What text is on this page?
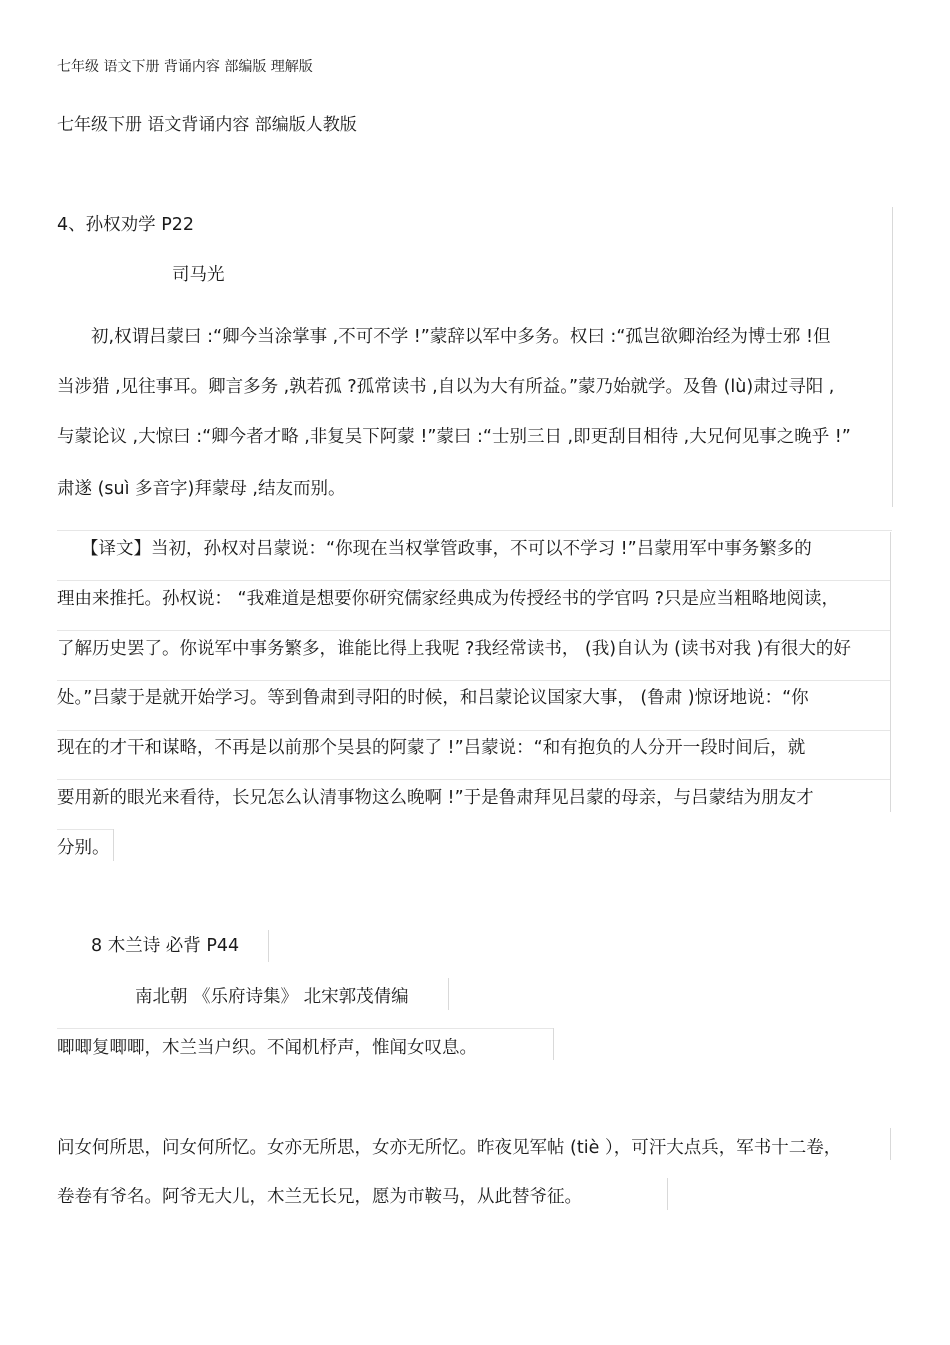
七年级 语文下册 背诵内容 部编版 理解版
七年级下册 语文背诵内容 部编版人教版
4、孙权劝学 P22
司马光
初,权谓吕蒙曰 :“卿今当涂掌事 ,不可不学 !”蒙辞以军中多务。权曰 :“孤岂欲卿治经为博士邪 !但
当涉猎 ,见往事耳。卿言多务 ,孰若孤 ?孤常读书 ,自以为大有所益。”蒙乃始就学。及鲁 (lù)肃过寻阳 ,
与蒙论议 ,大惊曰 :“卿今者才略 ,非复吴下阿蒙 !”蒙曰 :“士别三日 ,即更刮目相待 ,大兄何见事之晚乎 !”
肃遂 (suì 多音字)拜蒙母 ,结友而别。
【译文】当初，孙权对吕蒙说：“你现在当权掌管政事，不可以不学习 !”吕蒙用军中事务繁多的
理由来推托。孙权说： “我难道是想要你研究儒家经典成为传授经书的学官吗 ?只是应当粗略地阅读，
了解历史罢了。你说军中事务繁多，谁能比得上我呢 ?我经常读书， (我)自认为 (读书对我 )有很大的好
处。”吕蒙于是就开始学习。等到鲁肃到寻阳的时候，和吕蒙论议国家大事， (鲁肃 )惊讶地说：“你
现在的才干和谋略，不再是以前那个吴县的阿蒙了 !”吕蒙说：“和有抱负的人分开一段时间后，就
要用新的眼光来看待，长兄怎么认清事物这么晚啊 !”于是鲁肃拜见吕蒙的母亲，与吕蒙结为朋友才
分别。
8 木兰诗 必背 P44
南北朝 《乐府诗集》 北宋郭茂倩编
唧唧复唧唧，木兰当户织。不闻机杼声，惟闻女叹息。
问女何所思，问女何所忆。女亦无所思，女亦无所忆。昨夜见军帖 (tiè ），可汗大点兵，军书十二卷，
卷卷有爷名。阿爷无大儿，木兰无长兄，愿为市鞍马，从此替爷征。
